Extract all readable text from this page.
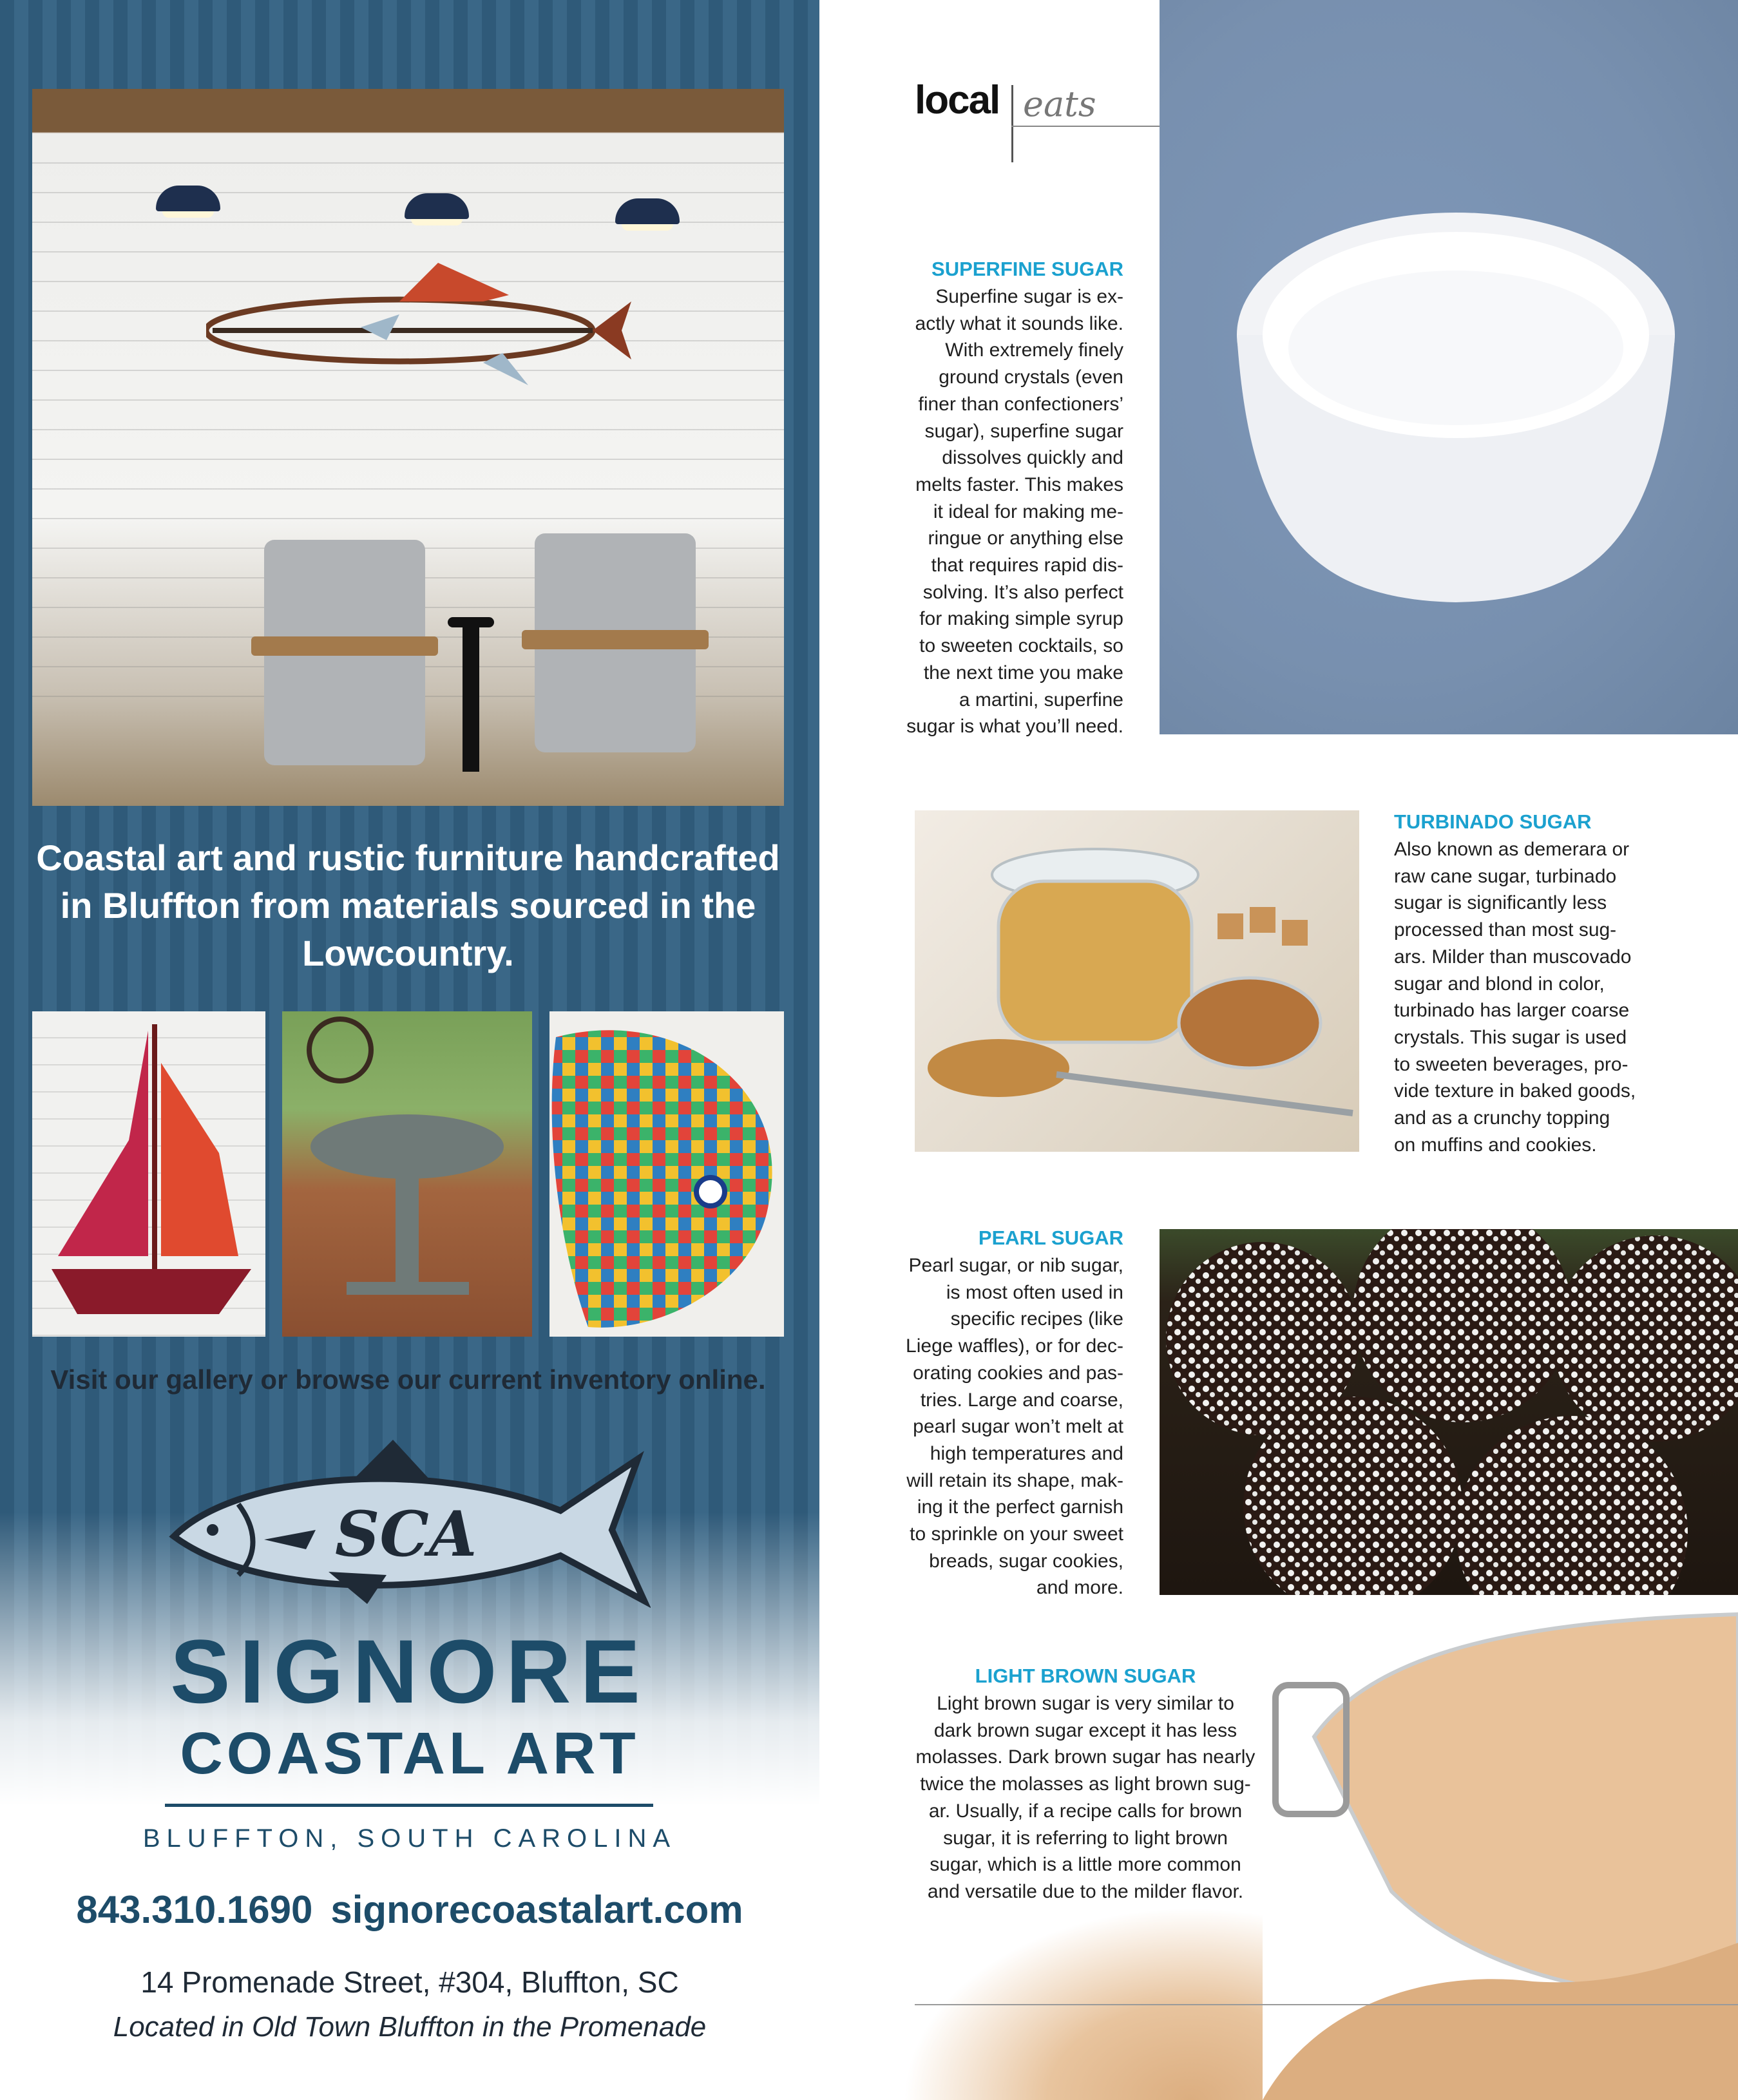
Coastal art and rustic furniture handcrafted in Bluffton from materials sourced in the Lowcountry.
Visit our gallery or browse our current inventory online.
SCA
SIGNORE
COASTAL ART
BLUFFTON, SOUTH CAROLINA
843.310.1690 signorecoastalart.com
14 Promenade Street, #304, Bluffton, SC
Located in Old Town Bluffton in the Promenade
local eats
SUPERFINE SUGAR
Superfine sugar is ex-
actly what it sounds like.
With extremely finely
ground crystals (even
finer than confectioners’
sugar), superfine sugar
dissolves quickly and
melts faster. This makes
it ideal for making me-
ringue or anything else
that requires rapid dis-
solving. It’s also perfect
for making simple syrup
to sweeten cocktails, so
the next time you make
a martini, superfine
sugar is what you’ll need.
TURBINADO SUGAR
Also known as demerara or
raw cane sugar, turbinado
sugar is significantly less
processed than most sug-
ars. Milder than muscovado
sugar and blond in color,
turbinado has larger coarse
crystals. This sugar is used
to sweeten beverages, pro-
vide texture in baked goods,
and as a crunchy topping
on muffins and cookies.
PEARL SUGAR
Pearl sugar, or nib sugar,
is most often used in
specific recipes (like
Liege waffles), or for dec-
orating cookies and pas-
tries. Large and coarse,
pearl sugar won’t melt at
high temperatures and
will retain its shape, mak-
ing it the perfect garnish
to sprinkle on your sweet
breads, sugar cookies,
and more.
LIGHT BROWN SUGAR
Light brown sugar is very similar to
dark brown sugar except it has less
molasses. Dark brown sugar has nearly
twice the molasses as light brown sug-
ar. Usually, if a recipe calls for brown
sugar, it is referring to light brown
sugar, which is a little more common
and versatile due to the milder flavor.
